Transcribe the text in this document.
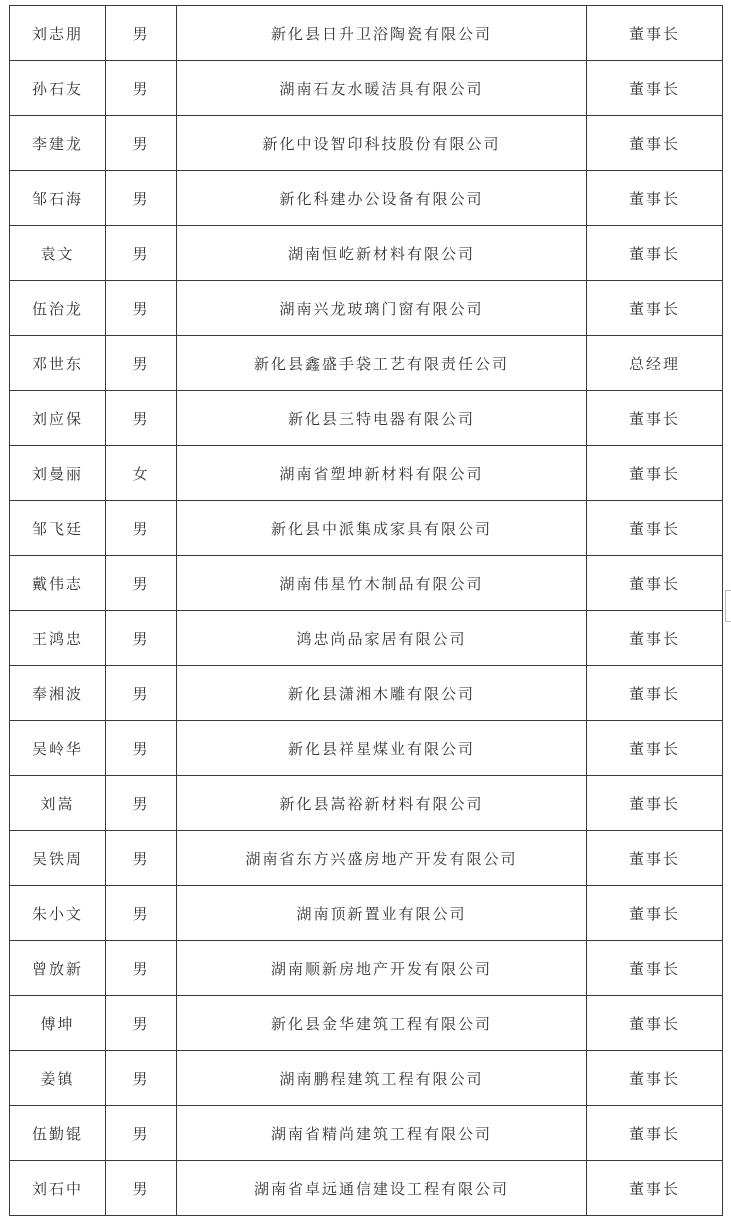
刘志朋	男	新化县日升卫浴陶瓷有限公司	董事长
孙石友	男	湖南石友水暖洁具有限公司	董事长
李建龙	男	新化中设智印科技股份有限公司	董事长
邹石海	男	新化科建办公设备有限公司	董事长
袁文	男	湖南恒屹新材料有限公司	董事长
伍治龙	男	湖南兴龙玻璃门窗有限公司	董事长
邓世东	男	新化县鑫盛手袋工艺有限责任公司	总经理
刘应保	男	新化县三特电器有限公司	董事长
刘曼丽	女	湖南省塑坤新材料有限公司	董事长
邹飞廷	男	新化县中派集成家具有限公司	董事长
戴伟志	男	湖南伟星竹木制品有限公司	董事长
王鸿忠	男	鸿忠尚品家居有限公司	董事长
奉湘波	男	新化县潇湘木雕有限公司	董事长
吴岭华	男	新化县祥星煤业有限公司	董事长
刘嵩	男	新化县嵩裕新材料有限公司	董事长
吴铁周	男	湖南省东方兴盛房地产开发有限公司	董事长
朱小文	男	湖南顶新置业有限公司	董事长
曾放新	男	湖南顺新房地产开发有限公司	董事长
傅坤	男	新化县金华建筑工程有限公司	董事长
姜镇	男	湖南鹏程建筑工程有限公司	董事长
伍勤锟	男	湖南省精尚建筑工程有限公司	董事长
刘石中	男	湖南省卓远通信建设工程有限公司	董事长
